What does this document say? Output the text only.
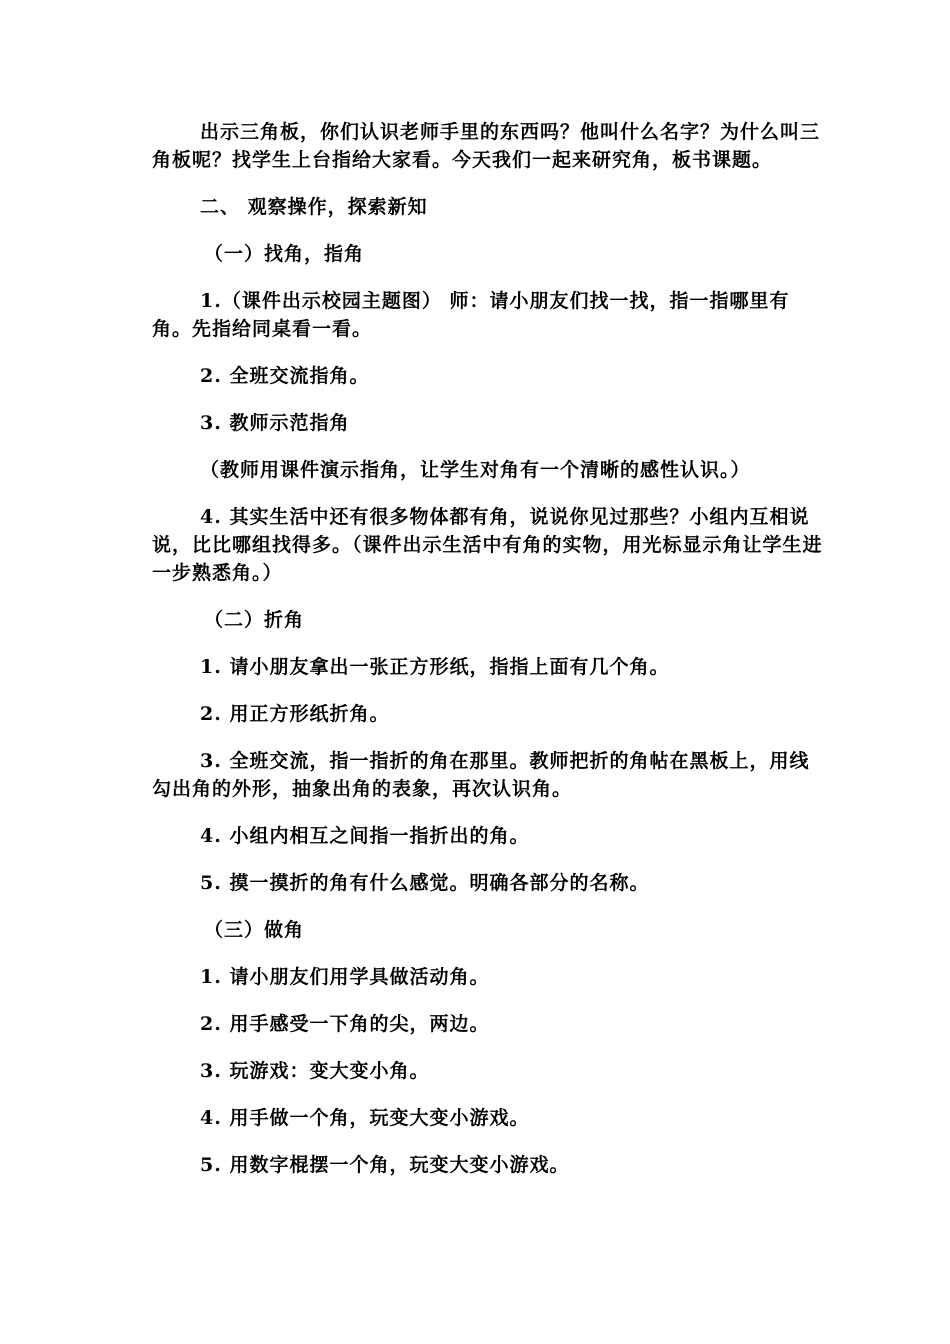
出示三角板，你们认识老师手里的东西吗？他叫什么名字？为什么叫三角板呢？找学生上台指给大家看。今天我们一起来研究角，板书课题。

二、 观察操作，探索新知

（一）找角，指角

1.（课件出示校园主题图） 师：请小朋友们找一找，指一指哪里有角。先指给同桌看一看。

2. 全班交流指角。

3. 教师示范指角

（教师用课件演示指角，让学生对角有一个清晰的感性认识。）

4. 其实生活中还有很多物体都有角，说说你见过那些？小组内互相说说，比比哪组找得多。（课件出示生活中有角的实物，用光标显示角让学生进一步熟悉角。）

（二）折角

1. 请小朋友拿出一张正方形纸，指指上面有几个角。

2. 用正方形纸折角。

3. 全班交流，指一指折的角在那里。教师把折的角帖在黑板上，用线勾出角的外形，抽象出角的表象，再次认识角。

4. 小组内相互之间指一指折出的角。

5. 摸一摸折的角有什么感觉。明确各部分的名称。

（三）做角

1. 请小朋友们用学具做活动角。

2. 用手感受一下角的尖，两边。

3. 玩游戏：变大变小角。

4. 用手做一个角，玩变大变小游戏。

5. 用数字棍摆一个角，玩变大变小游戏。
